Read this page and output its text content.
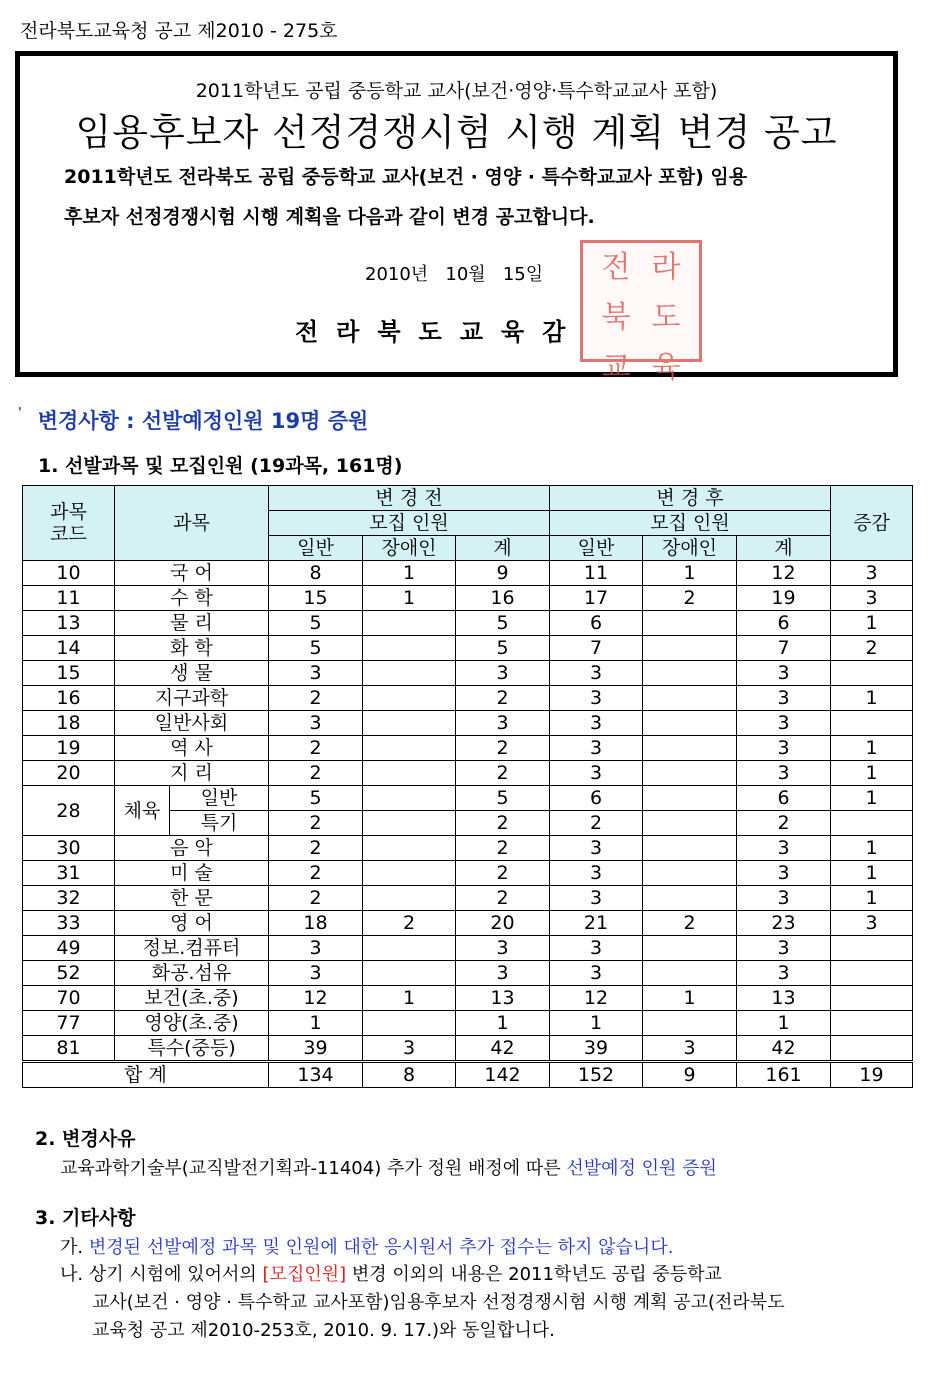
전라북도교육청 공고 제2010 - 275호
2011학년도 공립 중등학교 교사(보건·영양·특수학교교사 포함)
임용후보자 선정경쟁시험 시행 계획 변경 공고
2011학년도 전라북도 공립 중등학교 교사(보건 · 영양 · 특수학교교사 포함) 임용
후보자 선정경쟁시험 시행 계획을 다음과 같이 변경 공고합니다.
2010년   10월   15일
전라북도교육감
전 라
북 도
교 육
' 변경사항 : 선발예정인원 19명 증원
1. 선발과목 및 모집인원 (19과목, 161명)
과목
코드	과목		변 경 전			변 경 후			증감
			모집 인원			모집 인원			
			일반	장애인	계	일반	장애인	계	
10	국 어		8	1	9	11	1	12	3
11	수 학		15	1	16	17	2	19	3
13	물 리		5		5	6		6	1
14	화 학		5		5	7		7	2
15	생 물		3		3	3		3	
16	지구과학		2		2	3		3	1
18	일반사회		3		3	3		3	
19	역 사		2		2	3		3	1
20	지 리		2		2	3		3	1
28	체육	일반	5		5	6		6	1
		특기	2		2	2		2	
30	음 악		2		2	3		3	1
31	미 술		2		2	3		3	1
32	한 문		2		2	3		3	1
33	영 어		18	2	20	21	2	23	3
49	정보.컴퓨터		3		3	3		3	
52	화공.섬유		3		3	3		3	
70	보건(초.중)		12	1	13	12	1	13	
77	영양(초.중)		1		1	1		1	
81	특수(중등)		39	3	42	39	3	42	
합 계			134	8	142	152	9	161	19
2. 변경사유
교육과학기술부(교직발전기획과-11404) 추가 정원 배정에 따른 선발예정 인원 증원
3. 기타사항
가. 변경된 선발예정 과목 및 인원에 대한 응시원서 추가 접수는 하지 않습니다.
나. 상기 시험에 있어서의 [모집인원] 변경 이외의 내용은 2011학년도 공립 중등학교
교사(보건 · 영양 · 특수학교 교사포함)임용후보자 선정경쟁시험 시행 계획 공고(전라북도
교육청 공고 제2010-253호, 2010. 9. 17.)와 동일합니다.
